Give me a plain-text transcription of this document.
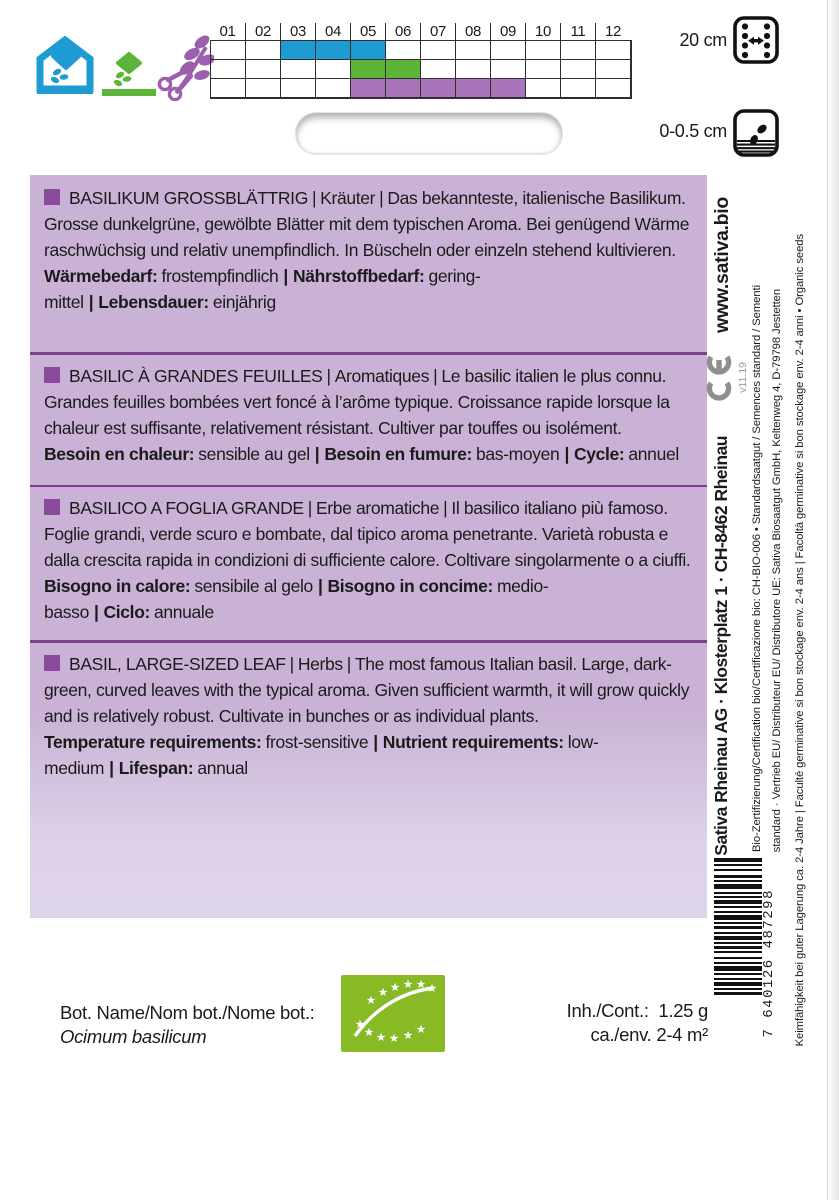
01	02	03	04	05	06	07	08	09	10	11	12	20 cm
0-0.5 cm

BASILIKUM GROSSBLÄTTRIG | Kräuter | Das bekannteste, italienische Basilikum. Grosse dunkelgrüne, gewölbte Blätter mit dem typischen Aroma. Bei genügend Wärme raschwüchsig und relativ unempfindlich. In Büscheln oder einzeln stehend kultivieren.

Wärmebedarf: frostempfindlich | Nährstoffbedarf: gering-mittel | Lebensdauer: einjährig

BASILIC À GRANDES FEUILLES | Aromatiques | Le basilic italien le plus connu. Grandes feuilles bombées vert foncé à l’arôme typique. Croissance rapide lorsque la chaleur est suffisante, relativement résistant. Cultiver par touffes ou isolément.

Besoin en chaleur: sensible au gel | Besoin en fumure: bas-moyen | Cycle: annuel

BASILICO A FOGLIA GRANDE | Erbe aromatiche | Il basilico italiano più famoso. Foglie grandi, verde scuro e bombate, dal tipico aroma penetrante. Varietà robusta e dalla crescita rapida in condizioni di sufficiente calore. Coltivare singolarmente o a ciuffi.

Bisogno in calore: sensibile al gelo | Bisogno in concime: medio-basso | Ciclo: annuale

BASIL, LARGE-SIZED LEAF | Herbs | The most famous Italian basil. Large, dark-green, curved leaves with the typical aroma. Given sufficient warmth, it will grow quickly and is relatively robust. Cultivate in bunches or as individual plants.

Temperature requirements: frost-sensitive | Nutrient requirements: low-medium | Lifespan: annual

www.sativa.bio
v11.19
Sativa Rheinau AG · Klosterplatz 1 · CH-8462 Rheinau Bio-Zertifizierung/Certification bio/Certificazione bio: CH-BIO-006 • Standardsaatgut / Semences standard / Sementi standard · Vertrieb EU/ Distributeur EU/ Distributore UE: Sativa Biosaatgut GmbH, Keltenweg 4, D-79798 Jestetten Keimfähigkeit bei guter Lagerung ca. 2-4 Jahre | Faculté germinative si bon stockage env. 2-4 ans | Facoltà germinative si bon stockage env. 2-4 anni • Organic seeds
7 640126 487298
Bot. Name/Nom bot./Nome bot.:
Ocimum basilicum
★
★ ★ ★ ★ ★
★
★ ★ ★ ★ ★
Inh./Cont.: 1.25 g
ca./env. 2-4 m²
